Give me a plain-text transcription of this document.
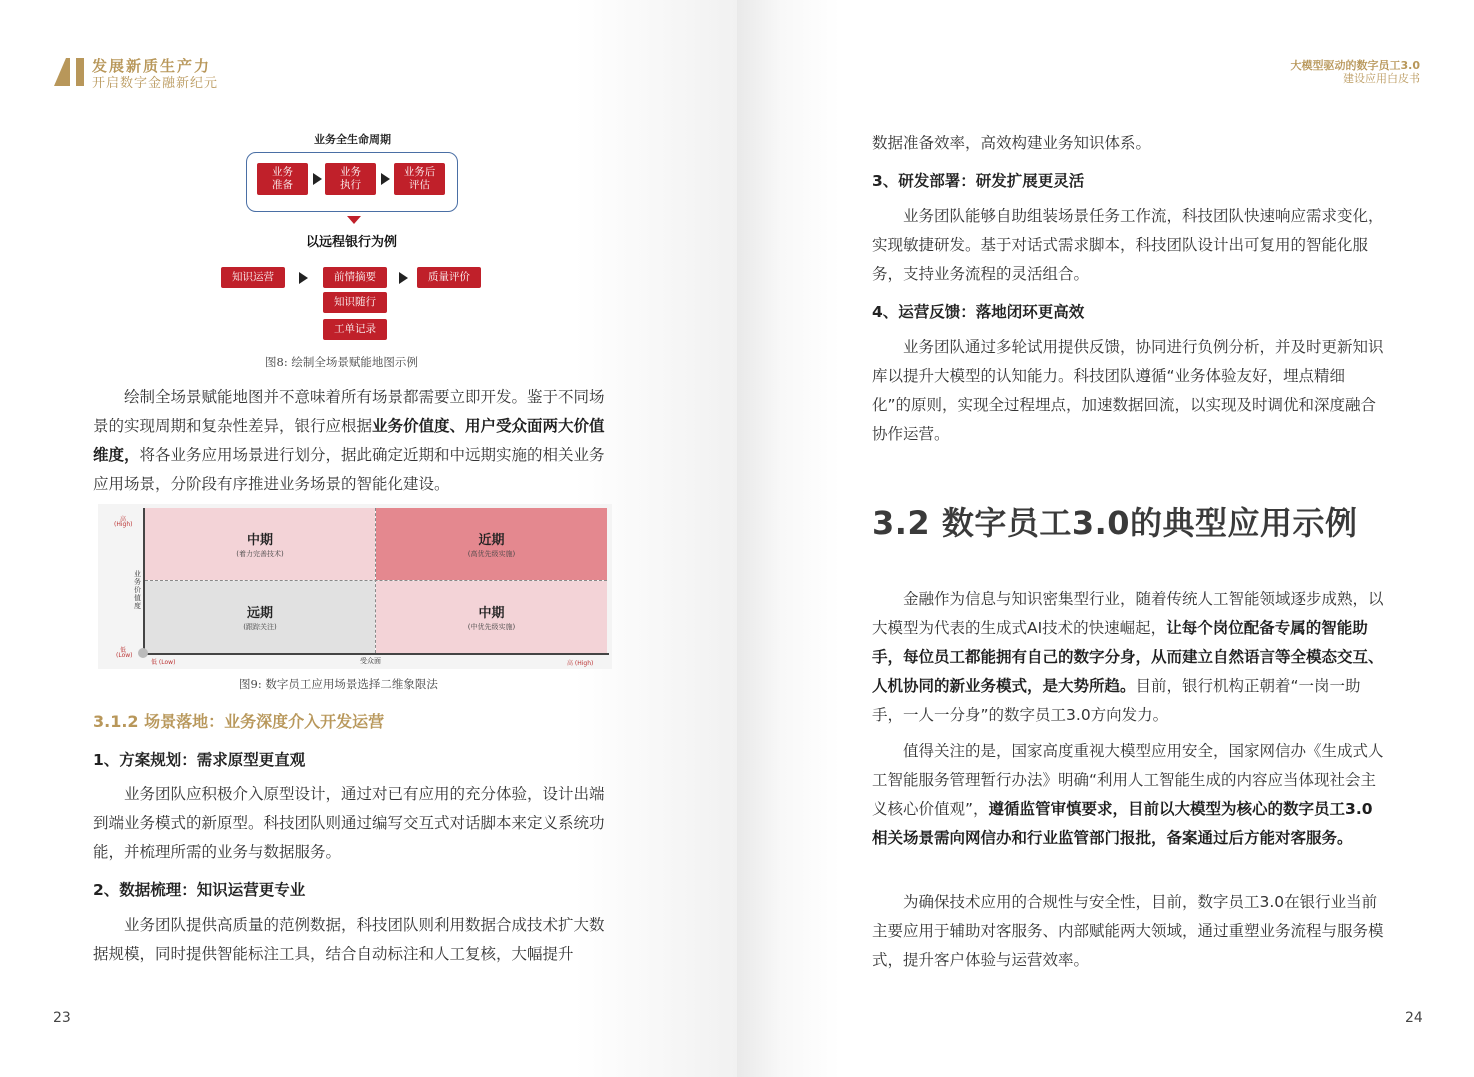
发展新质生产力
开启数字金融新纪元
业务全生命周期
业务
准备
业务
执行
业务后
评估
以远程银行为例
知识运营	前情摘要
知识随行
工单记录
质量评价
图8: 绘制全场景赋能地图示例

绘制全场景赋能地图并不意味着所有场景都需要立即开发。鉴于不同场景的实现周期和复杂性差异，银行应根据业务价值度、用户受众面两大价值维度，将各业务应用场景进行划分，据此确定近期和中远期实施的相关业务应用场景，分阶段有序推进业务场景的智能化建设。

中期
(着力完善技术)
近期
(高优先级实施)
远期
(跟踪关注)
中期
(中优先级实施)
高
(High)
业务价值度
低
(Low)
低 (Low)	受众面	高 (High)
图9: 数字员工应用场景选择二维象限法
3.1.2 场景落地：业务深度介入开发运营
1、方案规划：需求原型更直观

业务团队应积极介入原型设计，通过对已有应用的充分体验，设计出端到端业务模式的新原型。科技团队则通过编写交互式对话脚本来定义系统功能，并梳理所需的业务与数据服务。

2、数据梳理：知识运营更专业

业务团队提供高质量的范例数据，科技团队则利用数据合成技术扩大数据规模，同时提供智能标注工具，结合自动标注和人工复核，大幅提升

23
大模型驱动的数字员工3.0
建设应用白皮书

数据准备效率，高效构建业务知识体系。

3、研发部署：研发扩展更灵活

业务团队能够自助组装场景任务工作流，科技团队快速响应需求变化，实现敏捷研发。基于对话式需求脚本，科技团队设计出可复用的智能化服务，支持业务流程的灵活组合。

4、运营反馈：落地闭环更高效

业务团队通过多轮试用提供反馈，协同进行负例分析，并及时更新知识库以提升大模型的认知能力。科技团队遵循“业务体验友好，埋点精细化”的原则，实现全过程埋点，加速数据回流，以实现及时调优和深度融合协作运营。

3.2 数字员工3.0的典型应用示例

金融作为信息与知识密集型行业，随着传统人工智能领域逐步成熟，以大模型为代表的生成式AI技术的快速崛起，让每个岗位配备专属的智能助手，每位员工都能拥有自己的数字分身，从而建立自然语言等全模态交互、人机协同的新业务模式，是大势所趋。目前，银行机构正朝着“一岗一助手，一人一分身”的数字员工3.0方向发力。

值得关注的是，国家高度重视大模型应用安全，国家网信办《生成式人工智能服务管理暂行办法》明确“利用人工智能生成的内容应当体现社会主义核心价值观”，遵循监管审慎要求，目前以大模型为核心的数字员工3.0相关场景需向网信办和行业监管部门报批，备案通过后方能对客服务。

为确保技术应用的合规性与安全性，目前，数字员工3.0在银行业当前主要应用于辅助对客服务、内部赋能两大领域，通过重塑业务流程与服务模式，提升客户体验与运营效率。

24
